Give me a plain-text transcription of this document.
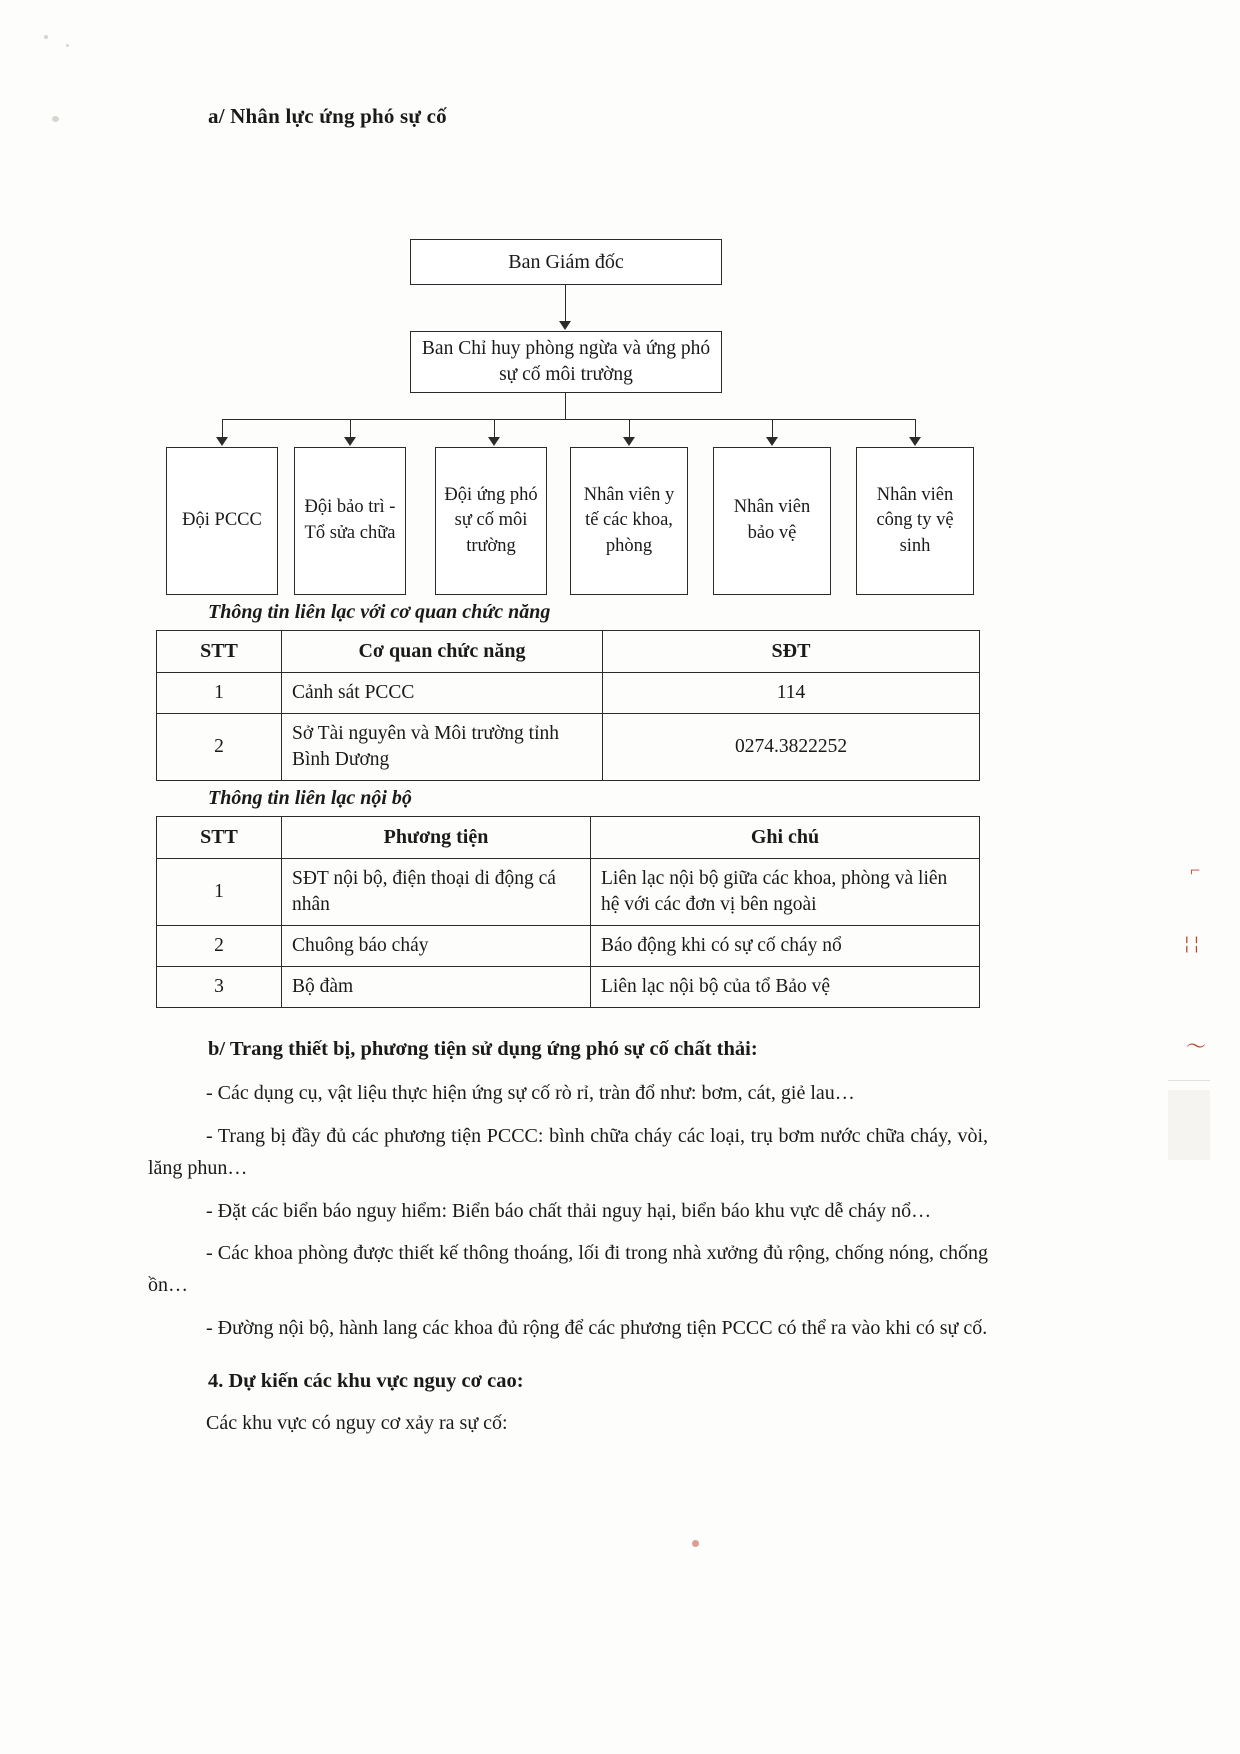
⌐
╎╎
〜
a/ Nhân lực ứng phó sự cố
Ban Giám đốc
Ban Chỉ huy phòng ngừa và ứng phó sự cố môi trường
Đội PCCC
Đội bảo trì - Tổ sửa chữa
Đội ứng phó sự cố môi trường
Nhân viên y tế các khoa, phòng
Nhân viên bảo vệ
Nhân viên công ty vệ sinh
Thông tin liên lạc với cơ quan chức năng
STT	Cơ quan chức năng	SĐT
1	Cảnh sát PCCC	114
2	Sở Tài nguyên và Môi trường tỉnh Bình Dương	0274.3822252
Thông tin liên lạc nội bộ
STT	Phương tiện	Ghi chú
1	SĐT nội bộ, điện thoại di động cá nhân	Liên lạc nội bộ giữa các khoa, phòng và liên hệ với các đơn vị bên ngoài
2	Chuông báo cháy	Báo động khi có sự cố cháy nổ
3	Bộ đàm	Liên lạc nội bộ của tổ Bảo vệ
b/ Trang thiết bị, phương tiện sử dụng ứng phó sự cố chất thải:

- Các dụng cụ, vật liệu thực hiện ứng sự cố rò rỉ, tràn đổ như: bơm, cát, giẻ lau…

- Trang bị đầy đủ các phương tiện PCCC: bình chữa cháy các loại, trụ bơm nước chữa cháy, vòi, lăng phun…

- Đặt các biển báo nguy hiểm: Biển báo chất thải nguy hại, biển báo khu vực dễ cháy nổ…

- Các khoa phòng được thiết kế thông thoáng, lối đi trong nhà xưởng đủ rộng, chống nóng, chống ồn…

- Đường nội bộ, hành lang các khoa đủ rộng để các phương tiện PCCC có thể ra vào khi có sự cố.

4. Dự kiến các khu vực nguy cơ cao:

Các khu vực có nguy cơ xảy ra sự cố:
